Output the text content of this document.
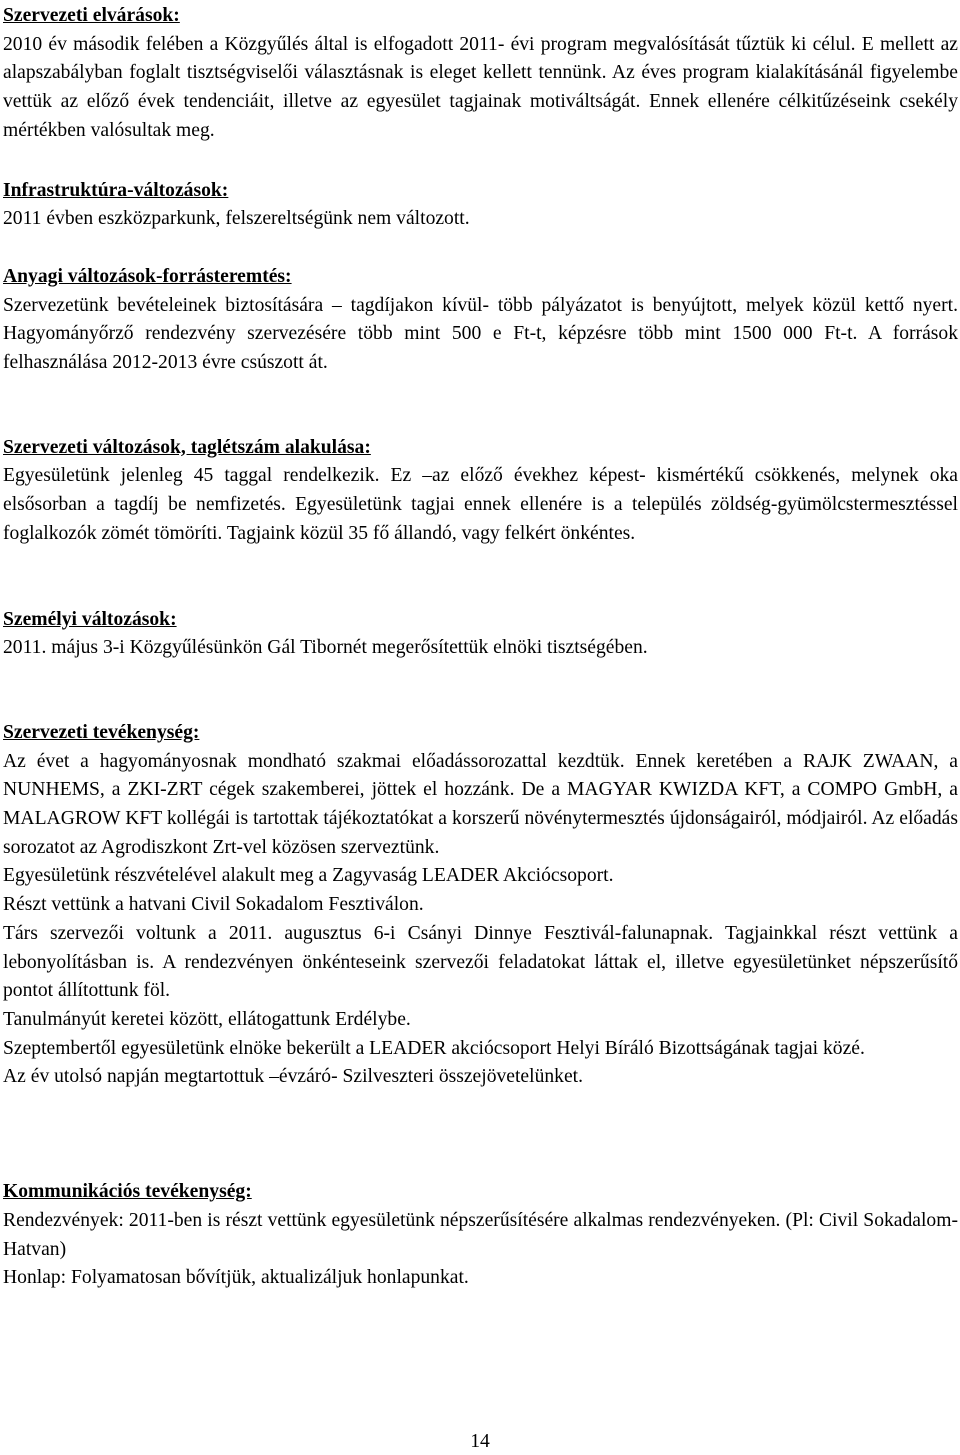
Szervezeti elvárások:

2010 év második felében a Közgyűlés által is elfogadott 2011- évi program megvalósítását tűztük ki célul. E mellett az alapszabályban foglalt tisztségviselői választásnak is eleget kellett tennünk. Az éves program kialakításánál figyelembe vettük az előző évek tendenciáit, illetve az egyesület tagjainak motiváltságát. Ennek ellenére célkitűzéseink csekély mértékben valósultak meg.

Infrastruktúra-változások:

2011 évben eszközparkunk, felszereltségünk nem változott.

Anyagi változások-forrásteremtés:

Szervezetünk bevételeinek biztosítására – tagdíjakon kívül- több pályázatot is benyújtott, melyek közül kettő nyert. Hagyományőrző rendezvény szervezésére több mint 500 e Ft-t, képzésre több mint 1500 000 Ft-t. A források felhasználása 2012-2013 évre csúszott át.

Szervezeti változások, taglétszám alakulása:

Egyesületünk jelenleg 45 taggal rendelkezik. Ez –az előző évekhez képest- kismértékű csökkenés, melynek oka elsősorban a tagdíj be nemfizetés. Egyesületünk tagjai ennek ellenére is a település zöldség-gyümölcstermesztéssel foglalkozók zömét tömöríti. Tagjaink közül 35 fő állandó, vagy felkért önkéntes.

Személyi változások:

2011. május 3-i Közgyűlésünkön Gál Tibornét megerősítettük elnöki tisztségében.

Szervezeti tevékenység:

Az évet a hagyományosnak mondható szakmai előadássorozattal kezdtük. Ennek keretében a RAJK ZWAAN, a NUNHEMS, a ZKI-ZRT cégek szakemberei, jöttek el hozzánk. De a MAGYAR KWIZDA KFT, a COMPO GmbH, a MALAGROW KFT kollégái is tartottak tájékoztatókat a korszerű növénytermesztés újdonságairól, módjairól. Az előadás sorozatot az Agrodiszkont Zrt-vel közösen szerveztünk.

Egyesületünk részvételével alakult meg a Zagyvaság LEADER Akciócsoport.

Részt vettünk a hatvani Civil Sokadalom Fesztiválon.

Társ szervezői voltunk a 2011. augusztus 6-i Csányi Dinnye Fesztivál-falunapnak. Tagjainkkal részt vettünk a lebonyolításban is. A rendezvényen önkénteseink szervezői feladatokat láttak el, illetve egyesületünket népszerűsítő pontot állítottunk föl.

Tanulmányút keretei között, ellátogattunk Erdélybe.

Szeptembertől egyesületünk elnöke bekerült a LEADER akciócsoport Helyi Bíráló Bizottságának tagjai közé.

Az év utolsó napján megtartottuk –évzáró- Szilveszteri összejövetelünket.

Kommunikációs tevékenység:

Rendezvények: 2011-ben is részt vettünk egyesületünk népszerűsítésére alkalmas rendezvényeken. (Pl: Civil Sokadalom-Hatvan)

Honlap: Folyamatosan bővítjük, aktualizáljuk honlapunkat.

14
